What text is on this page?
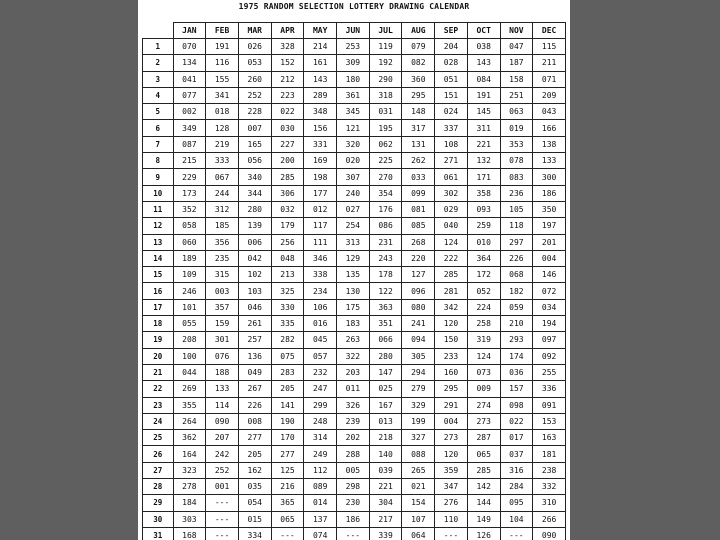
1975 RANDOM SELECTION LOTTERY DRAWING CALENDAR
	JAN	FEB	MAR	APR	MAY	JUN	JUL	AUG	SEP	OCT	NOV	DEC
1	070	191	026	328	214	253	119	079	204	038	047	115
2	134	116	053	152	161	309	192	082	028	143	187	211
3	041	155	260	212	143	180	290	360	051	084	158	071
4	077	341	252	223	289	361	318	295	151	191	251	209
5	002	018	228	022	348	345	031	148	024	145	063	043
6	349	128	007	030	156	121	195	317	337	311	019	166
7	087	219	165	227	331	320	062	131	108	221	353	138
8	215	333	056	200	169	020	225	262	271	132	078	133
9	229	067	340	285	198	307	270	033	061	171	083	300
10	173	244	344	306	177	240	354	099	302	358	236	186
11	352	312	280	032	012	027	176	081	029	093	105	350
12	058	185	139	179	117	254	086	085	040	259	118	197
13	060	356	006	256	111	313	231	268	124	010	297	201
14	189	235	042	048	346	129	243	220	222	364	226	004
15	109	315	102	213	338	135	178	127	285	172	068	146
16	246	003	103	325	234	130	122	096	281	052	182	072
17	101	357	046	330	106	175	363	080	342	224	059	034
18	055	159	261	335	016	183	351	241	120	258	210	194
19	208	301	257	282	045	263	066	094	150	319	293	097
20	100	076	136	075	057	322	280	305	233	124	174	092
21	044	188	049	283	232	203	147	294	160	073	036	255
22	269	133	267	205	247	011	025	279	295	009	157	336
23	355	114	226	141	299	326	167	329	291	274	098	091
24	264	090	008	190	248	239	013	199	004	273	022	153
25	362	207	277	170	314	202	218	327	273	287	017	163
26	164	242	205	277	249	288	140	088	120	065	037	181
27	323	252	162	125	112	005	039	265	359	285	316	238
28	278	001	035	216	089	298	221	021	347	142	284	332
29	184	---	054	365	014	230	304	154	276	144	095	310
30	303	---	015	065	137	186	217	107	110	149	104	266
31	168	---	334	---	074	---	339	064	---	126	---	090
